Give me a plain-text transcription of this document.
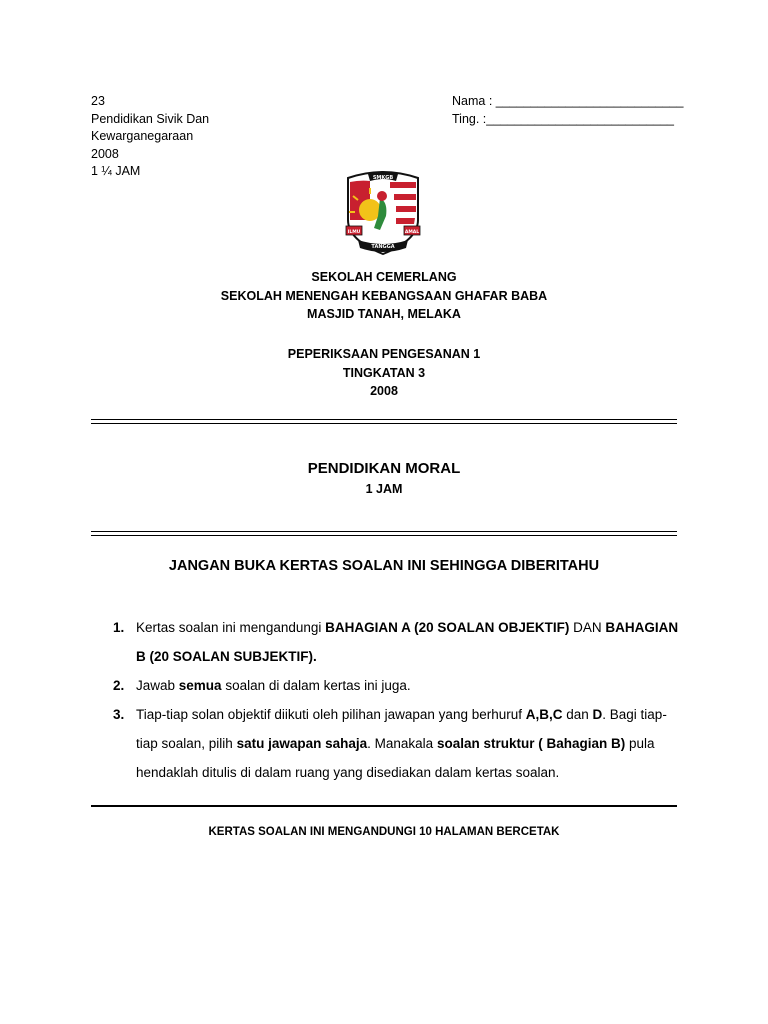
23
Pendidikan Sivik Dan
Kewarganegaraan
2008
1 ¼ JAM
Nama : ___________________________
Ting. :___________________________
SMKGB
ILMU	AMAL
TANGGA
SEKOLAH CEMERLANG
SEKOLAH MENENGAH KEBANGSAAN GHAFAR BABA
MASJID TANAH, MELAKA
PEPERIKSAAN PENGESANAN 1
TINGKATAN 3
2008
PENDIDIKAN MORAL
1 JAM
JANGAN BUKA KERTAS SOALAN INI SEHINGGA DIBERITAHU
1. Kertas soalan ini mengandungi BAHAGIAN A (20 SOALAN OBJEKTIF) DAN BAHAGIAN B (20 SOALAN SUBJEKTIF).
2. Jawab semua soalan di dalam kertas ini juga.
3. Tiap-tiap solan objektif diikuti oleh pilihan jawapan yang berhuruf A,B,C dan D. Bagi tiap-tiap soalan, pilih satu jawapan sahaja. Manakala soalan struktur ( Bahagian B) pula hendaklah ditulis di dalam ruang yang disediakan dalam kertas soalan.
KERTAS SOALAN INI MENGANDUNGI 10 HALAMAN BERCETAK
